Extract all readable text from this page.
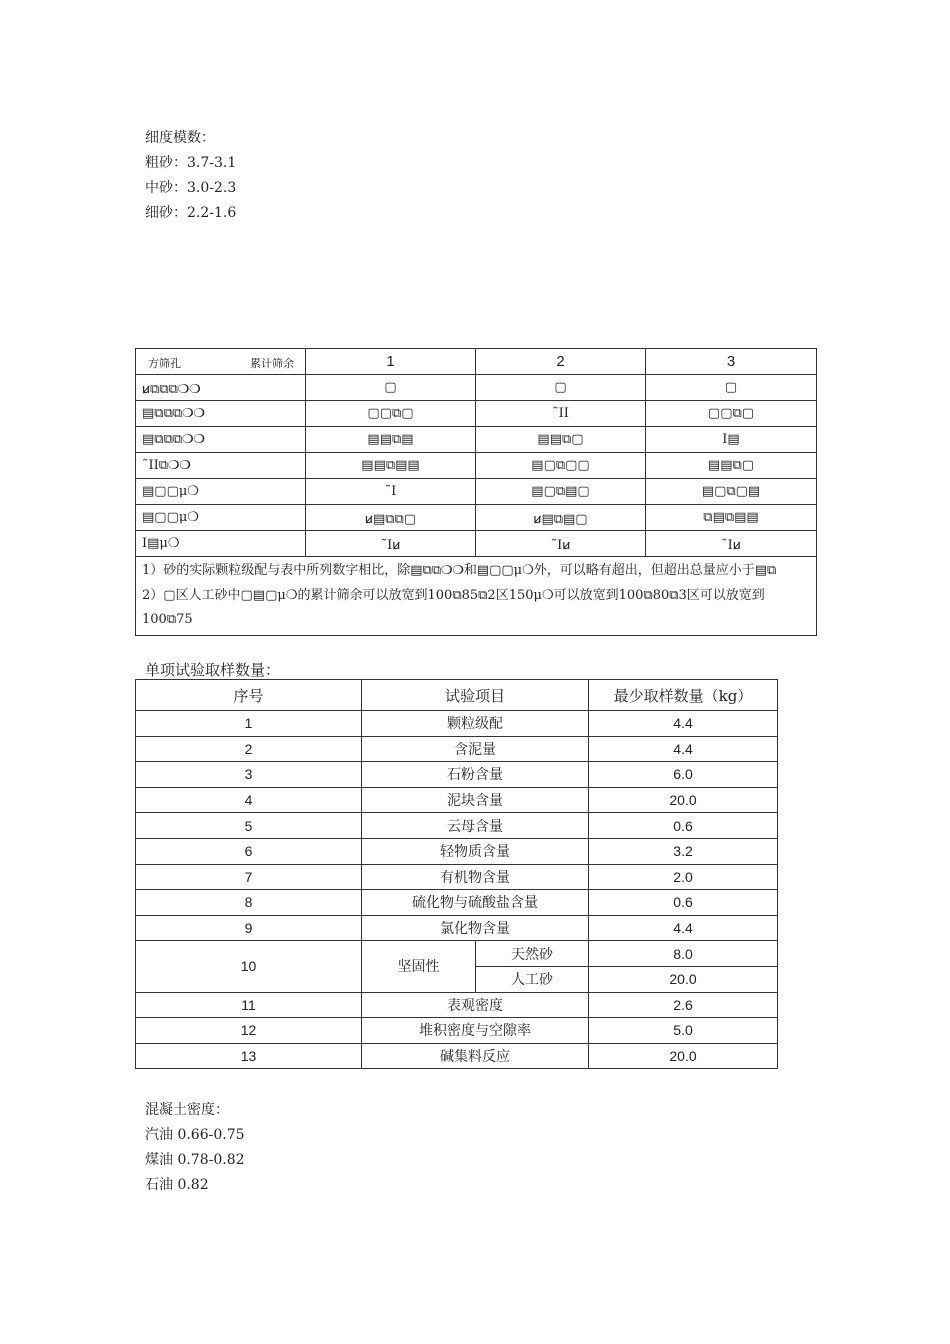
细度模数：
粗砂：3.7-3.1
中砂：3.0-2.3
细砂：2.2-1.6
方筛孔 累计筛余	1	2	3
ꞹ⧉⧉⧉❍❍	▢	▢	▢
▤⧉⧉⧉❍❍	▢▢⧉▢	˜II	▢▢⧉▢
▤⧉⧉⧉❍❍	▤▤⧉▤	▤▤⧉▢	I▤
˜II⧉❍❍	▤▤⧉▤▤	▤▢⧉▢▢	▤▤⧉▢
▤▢▢μ❍	˜I	▤▢⧉▤▢	▤▢⧉▢▤
▤▢▢μ❍	ꞹ▤⧉⧉▢	ꞹ▤⧉▤▢	⧉▤⧉▤▤
I▤μ❍	˜Iꞹ	˜Iꞹ	˜Iꞹ

1）砂的实际颗粒级配与表中所列数字相比，除▤⧉⧉❍❍和▤▢▢μ❍外，可以略有超出，但超出总量应小于▤⧉
2）▢区人工砂中▢▤▢μ❍的累计筛余可以放宽到100⧉85⧉2区150μ❍可以放宽到100⧉80⧉3区可以放宽到100⧉75			
单项试验取样数量：
序号	试验项目		最少取样数量（kg）
1	颗粒级配		4.4
2	含泥量		4.4
3	石粉含量		6.0
4	泥块含量		20.0
5	云母含量		0.6
6	轻物质含量		3.2
7	有机物含量		2.0
8	硫化物与硫酸盐含量		0.6
9	氯化物含量		4.4
10	坚固性	天然砂	8.0
		人工砂	20.0
11	表观密度		2.6
12	堆积密度与空隙率		5.0
13	碱集料反应		20.0
混凝土密度：
汽油 0.66-0.75
煤油 0.78-0.82
石油 0.82
